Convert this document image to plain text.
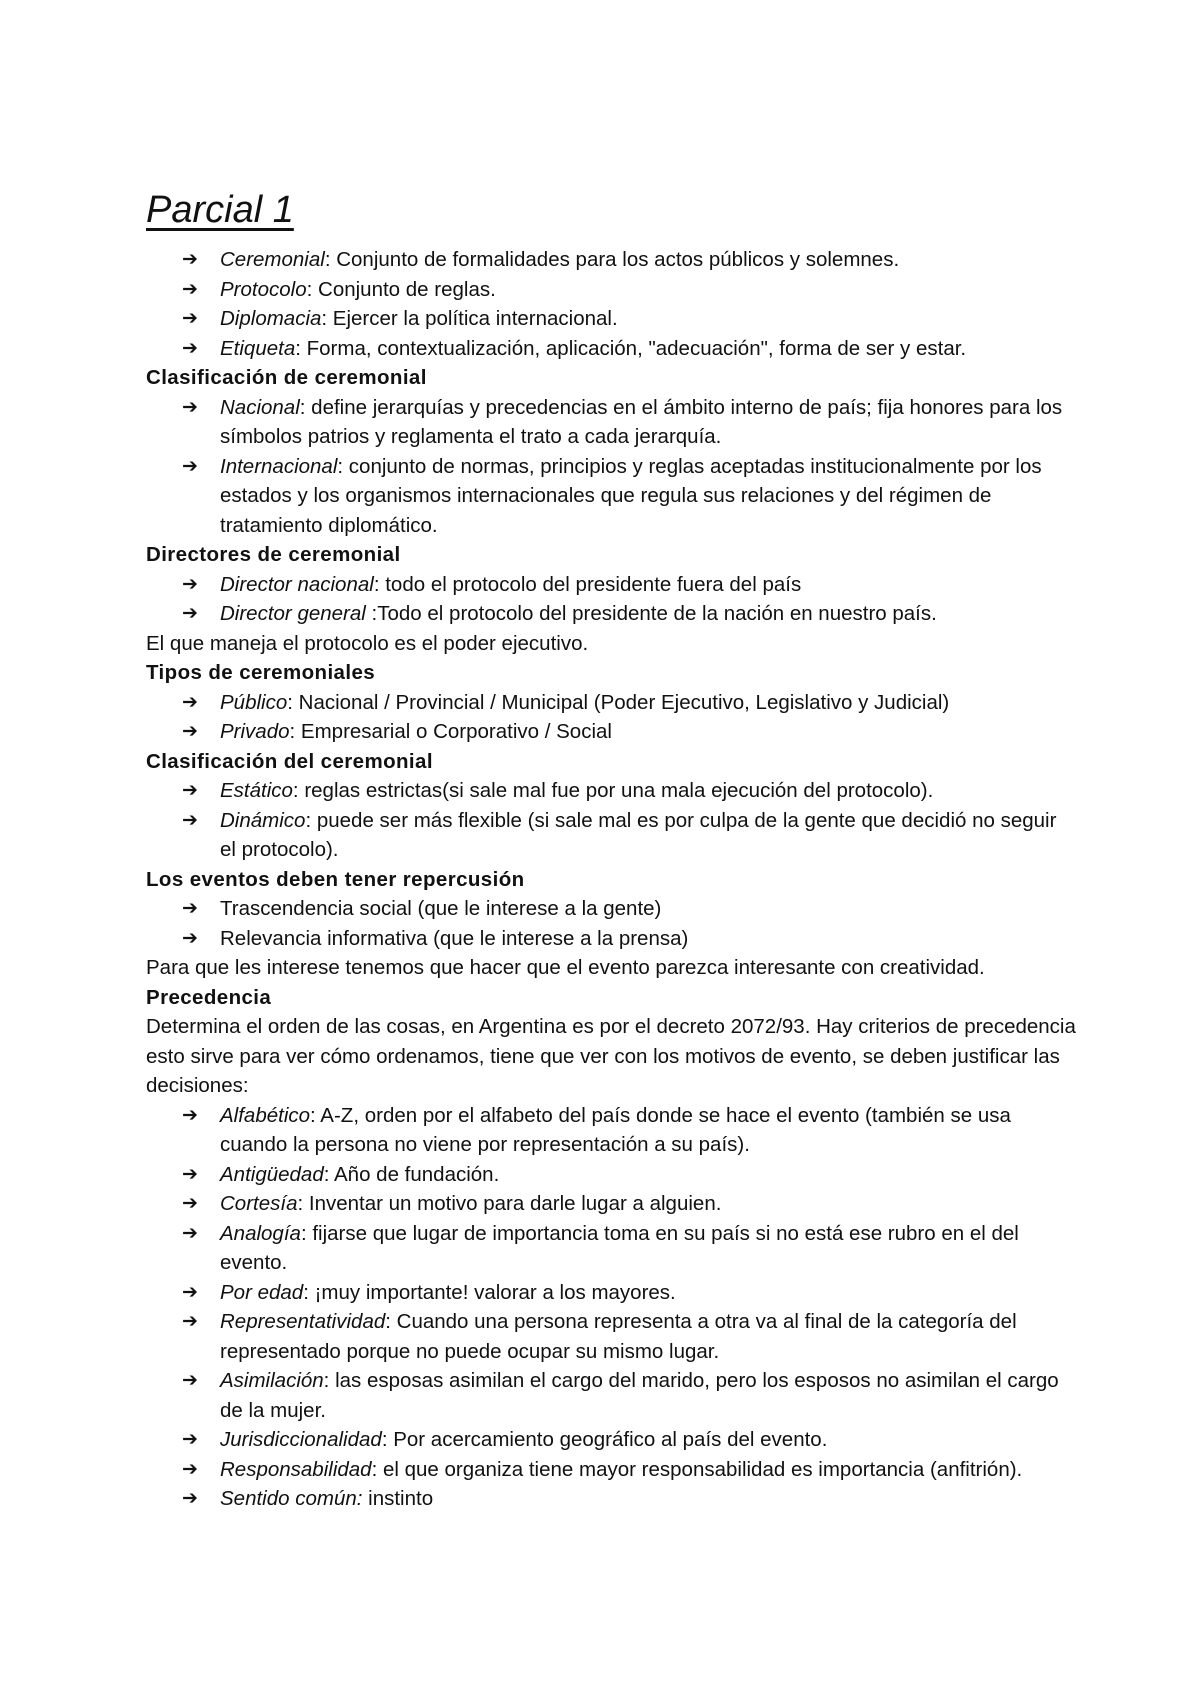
Parcial 1
➔ Ceremonial: Conjunto de formalidades para los actos públicos y solemnes.
➔ Protocolo: Conjunto de reglas.
➔ Diplomacia: Ejercer la política internacional.
➔ Etiqueta: Forma, contextualización, aplicación, "adecuación", forma de ser y estar.
Clasificación de ceremonial
➔ Nacional: define jerarquías y precedencias en el ámbito interno de país; fija honores para los símbolos patrios y reglamenta el trato a cada jerarquía.
➔ Internacional: conjunto de normas, principios y reglas aceptadas institucionalmente por los estados y los organismos internacionales que regula sus relaciones y del régimen de tratamiento diplomático.
Directores de ceremonial
➔ Director nacional: todo el protocolo del presidente fuera del país
➔ Director general :Todo el protocolo del presidente de la nación en nuestro país.
El que maneja el protocolo es el poder ejecutivo.
Tipos de ceremoniales
➔ Público: Nacional / Provincial / Municipal (Poder Ejecutivo, Legislativo y Judicial)
➔ Privado: Empresarial o Corporativo / Social
Clasificación del ceremonial
➔ Estático: reglas estrictas(si sale mal fue por una mala ejecución del protocolo).
➔ Dinámico: puede ser más flexible (si sale mal es por culpa de la gente que decidió no seguir el protocolo).
Los eventos deben tener repercusión
➔ Trascendencia social (que le interese a la gente)
➔ Relevancia informativa (que le interese a la prensa)
Para que les interese tenemos que hacer que el evento parezca interesante con creatividad.
Precedencia
Determina el orden de las cosas, en Argentina es por el decreto 2072/93. Hay criterios de precedencia esto sirve para ver cómo ordenamos, tiene que ver con los motivos de evento, se deben justificar las decisiones:
➔ Alfabético: A-Z, orden por el alfabeto del país donde se hace el evento (también se usa cuando la persona no viene por representación a su país).
➔ Antigüedad: Año de fundación.
➔ Cortesía: Inventar un motivo para darle lugar a alguien.
➔ Analogía: fijarse que lugar de importancia toma en su país si no está ese rubro en el del evento.
➔ Por edad: ¡muy importante! valorar a los mayores.
➔ Representatividad: Cuando una persona representa a otra va al final de la categoría del representado porque no puede ocupar su mismo lugar.
➔ Asimilación: las esposas asimilan el cargo del marido, pero los esposos no asimilan el cargo de la mujer.
➔ Jurisdiccionalidad: Por acercamiento geográfico al país del evento.
➔ Responsabilidad: el que organiza tiene mayor responsabilidad es importancia (anfitrión).
➔ Sentido común: instinto
